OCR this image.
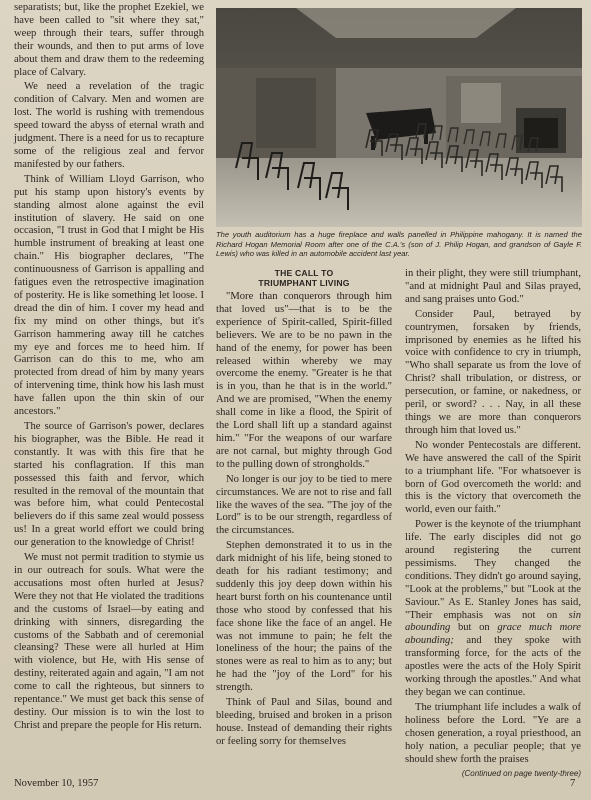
separatists; but, like the prophet Ezekiel, we have been called to "sit where they sat," weep through their tears, suffer through their wounds, and then to put arms of love about them and draw them to the redeeming place of Calvary.

We need a revelation of the tragic condition of Calvary. Men and women are lost. The world is rushing with tremendous speed toward the abyss of eternal wrath and judgment. There is a need for us to recapture some of the religious zeal and fervor manifested by our fathers.

Think of William Lloyd Garrison, who put his stamp upon history's events by standing almost alone against the evil institution of slavery. He said on one occasion, "I trust in God that I might be His humble instrument of breaking at least one chain." His biographer declares, "The continuousness of Garrison is appalling and fatigues even the retrospective imagination of posterity. He is like something let loose. I dread the din of him. I cover my head and fix my mind on other things, but it's Garrison hammering away till he catches my eye and forces me to heed him. If Garrison can do this to me, who am protected from dread of him by many years of intervening time, think how his lash must have fallen upon the thin skin of our ancestors."

The source of Garrison's power, declares his biographer, was the Bible. He read it constantly. It was with this fire that he started his conflagration. If this man possessed this faith and fervor, which resulted in the removal of the mountain that was before him, what could Pentecostal believers do if this same zeal would possess us! In a great world effort we could bring our generation to the knowledge of Christ!

We must not permit tradition to stymie us in our outreach for souls. What were the accusations most often hurled at Jesus? Were they not that He violated the traditions and the customs of Israel—by eating and drinking with sinners, disregarding the customs of the Sabbath and of ceremonial cleansing? These were all hurled at Him with violence, but He, with His sense of destiny, reiterated again and again, "I am not come to call the righteous, but sinners to repentance." We must get back this sense of destiny. Our mission is to win the lost to Christ and prepare the people for His return.

The youth auditorium has a huge fireplace and walls panelled in Philippine mahogany. It is named the Richard Hogan Memorial Room after one of the C.A.'s (son of J. Philip Hogan, and grandson of Gayle F. Lewis) who was killed in an automobile accident last year.
THE CALL TO
TRIUMPHANT LIVING

"More than conquerors through him that loved us"—that is to be the experience of Spirit-called, Spirit-filled believers. We are to be no pawn in the hand of the enemy, for power has been released within whereby we may overcome the enemy. "Greater is he that is in you, than he that is in the world." And we are promised, "When the enemy shall come in like a flood, the Spirit of the Lord shall lift up a standard against him." "For the weapons of our warfare are not carnal, but mighty through God to the pulling down of strongholds."

No longer is our joy to be tied to mere circumstances. We are not to rise and fall like the waves of the sea. "The joy of the Lord" is to be our strength, regardless of the circumstances.

Stephen demonstrated it to us in the dark midnight of his life, being stoned to death for his radiant testimony; and suddenly this joy deep down within his heart burst forth on his countenance until those who stood by confessed that his face shone like the face of an angel. He was not immune to pain; he felt the loneliness of the hour; the pains of the stones were as real to him as to any; but he had the "joy of the Lord" for his strength.

Think of Paul and Silas, bound and bleeding, bruised and broken in a prison house. Instead of demanding their rights or feeling sorry for themselves

in their plight, they were still triumphant, "and at midnight Paul and Silas prayed, and sang praises unto God."

Consider Paul, betrayed by countrymen, forsaken by friends, imprisoned by enemies as he lifted his voice with confidence to cry in triumph, "Who shall separate us from the love of Christ? shall tribulation, or distress, or persecution, or famine, or nakedness, or peril, or sword? . . . Nay, in all these things we are more than conquerors through him that loved us."

No wonder Pentecostals are different. We have answered the call of the Spirit to a triumphant life. "For whatsoever is born of God overcometh the world: and this is the victory that overcometh the world, even our faith."

Power is the keynote of the triumphant life. The early disciples did not go around registering the current pessimisms. They changed the conditions. They didn't go around saying, "Look at the problems," but "Look at the Saviour." As E. Stanley Jones has said, "Their emphasis was not on sin abounding but on grace much more abounding; and they spoke with transforming force, for the acts of the apostles were the acts of the Holy Spirit working through the apostles." And what they began we can continue.

The triumphant life includes a walk of holiness before the Lord. "Ye are a chosen generation, a royal priesthood, an holy nation, a peculiar people; that ye should shew forth the praises

(Continued on page twenty-three)
November 10, 1957	7
